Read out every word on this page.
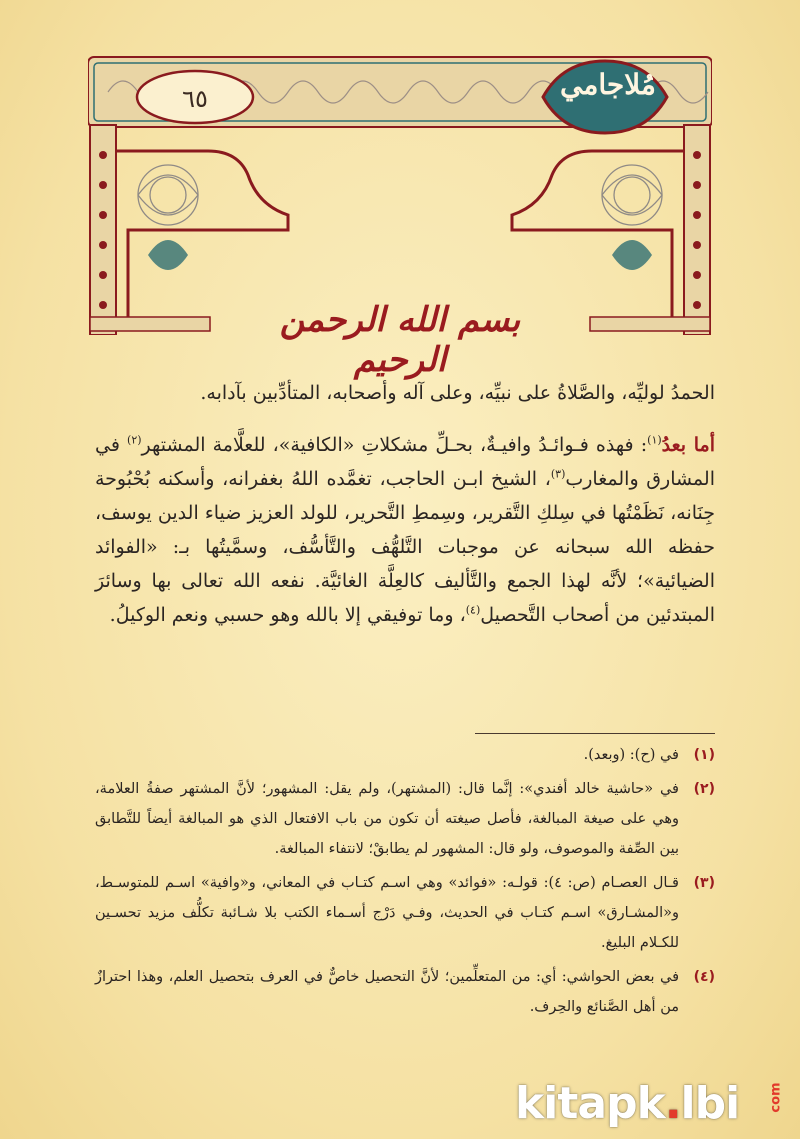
٦٥	مُلاجامي
بسم الله الرحمن الرحيم
الحمدُ لوليِّه، والصَّلاةُ على نبيِّه، وعلى آله وأصحابه، المتأدِّبين بآدابه.
أما بعدُ$^{(١)}$: فهذه فـوائـدُ وافيـةٌ، بحـلِّ مشكلاتِ «الكافية»، للعلَّامة المشتهر$^{(٢)}$ في المشارق والمغارب$^{(٣)}$، الشيخ ابـن الحاجب، تغمَّده اللهُ بغفرانه، وأسكنه بُحْبُوحة جِنَانه، نَظَمْتُها في سِلكِ التَّقرير، وسِمطِ التَّحرير، للولد العزيز ضياء الدين يوسف، حفظه الله سبحانه عن موجبات التَّلهُّف والتَّأسُّف، وسمَّيتُها بـ: «الفوائد الضيائية»؛ لأنَّه لهذا الجمع والتَّأليف كالعِلَّة الغائيَّة. نفعه الله تعالى بها وسائرَ المبتدئين من أصحاب التَّحصيل$^{(٤)}$، وما توفيقي إلا بالله وهو حسبي ونعم الوكيلُ.
(١)
في (ح): (وبعد).
(٢)
في «حاشية خالد أفندي»: إنَّما قال: (المشتهر)، ولم يقل: المشهور؛ لأنَّ المشتهر صفةُ العلامة، وهي على صيغة المبالغة، فأصل صيغته أن تكون من باب الافتعال الذي هو المبالغة أيضاً للتَّطابق بين الصِّفة والموصوف، ولو قال: المشهور لم يطابقْ؛ لانتفاء المبالغة.
(٣)
قـال العصـام (ص: ٤): قولـه: «فوائد» وهي اسـم كتـاب في المعاني، و«وافية» اسـم للمتوسـط، و«المشـارق» اسـم كتـاب في الحديث، وفـي دَرْج أسـماء الكتب بلا شـائبة تكلُّف مزيد تحسـين للكـلام البليغ.
(٤)
في بعض الحواشي: أي: من المتعلِّمين؛ لأنَّ التحصيل خاصٌّ في العرف بتحصيل العلم، وهذا احترازٌ من أهل الصَّنائع والحِرف.
kitapk.lbi com
